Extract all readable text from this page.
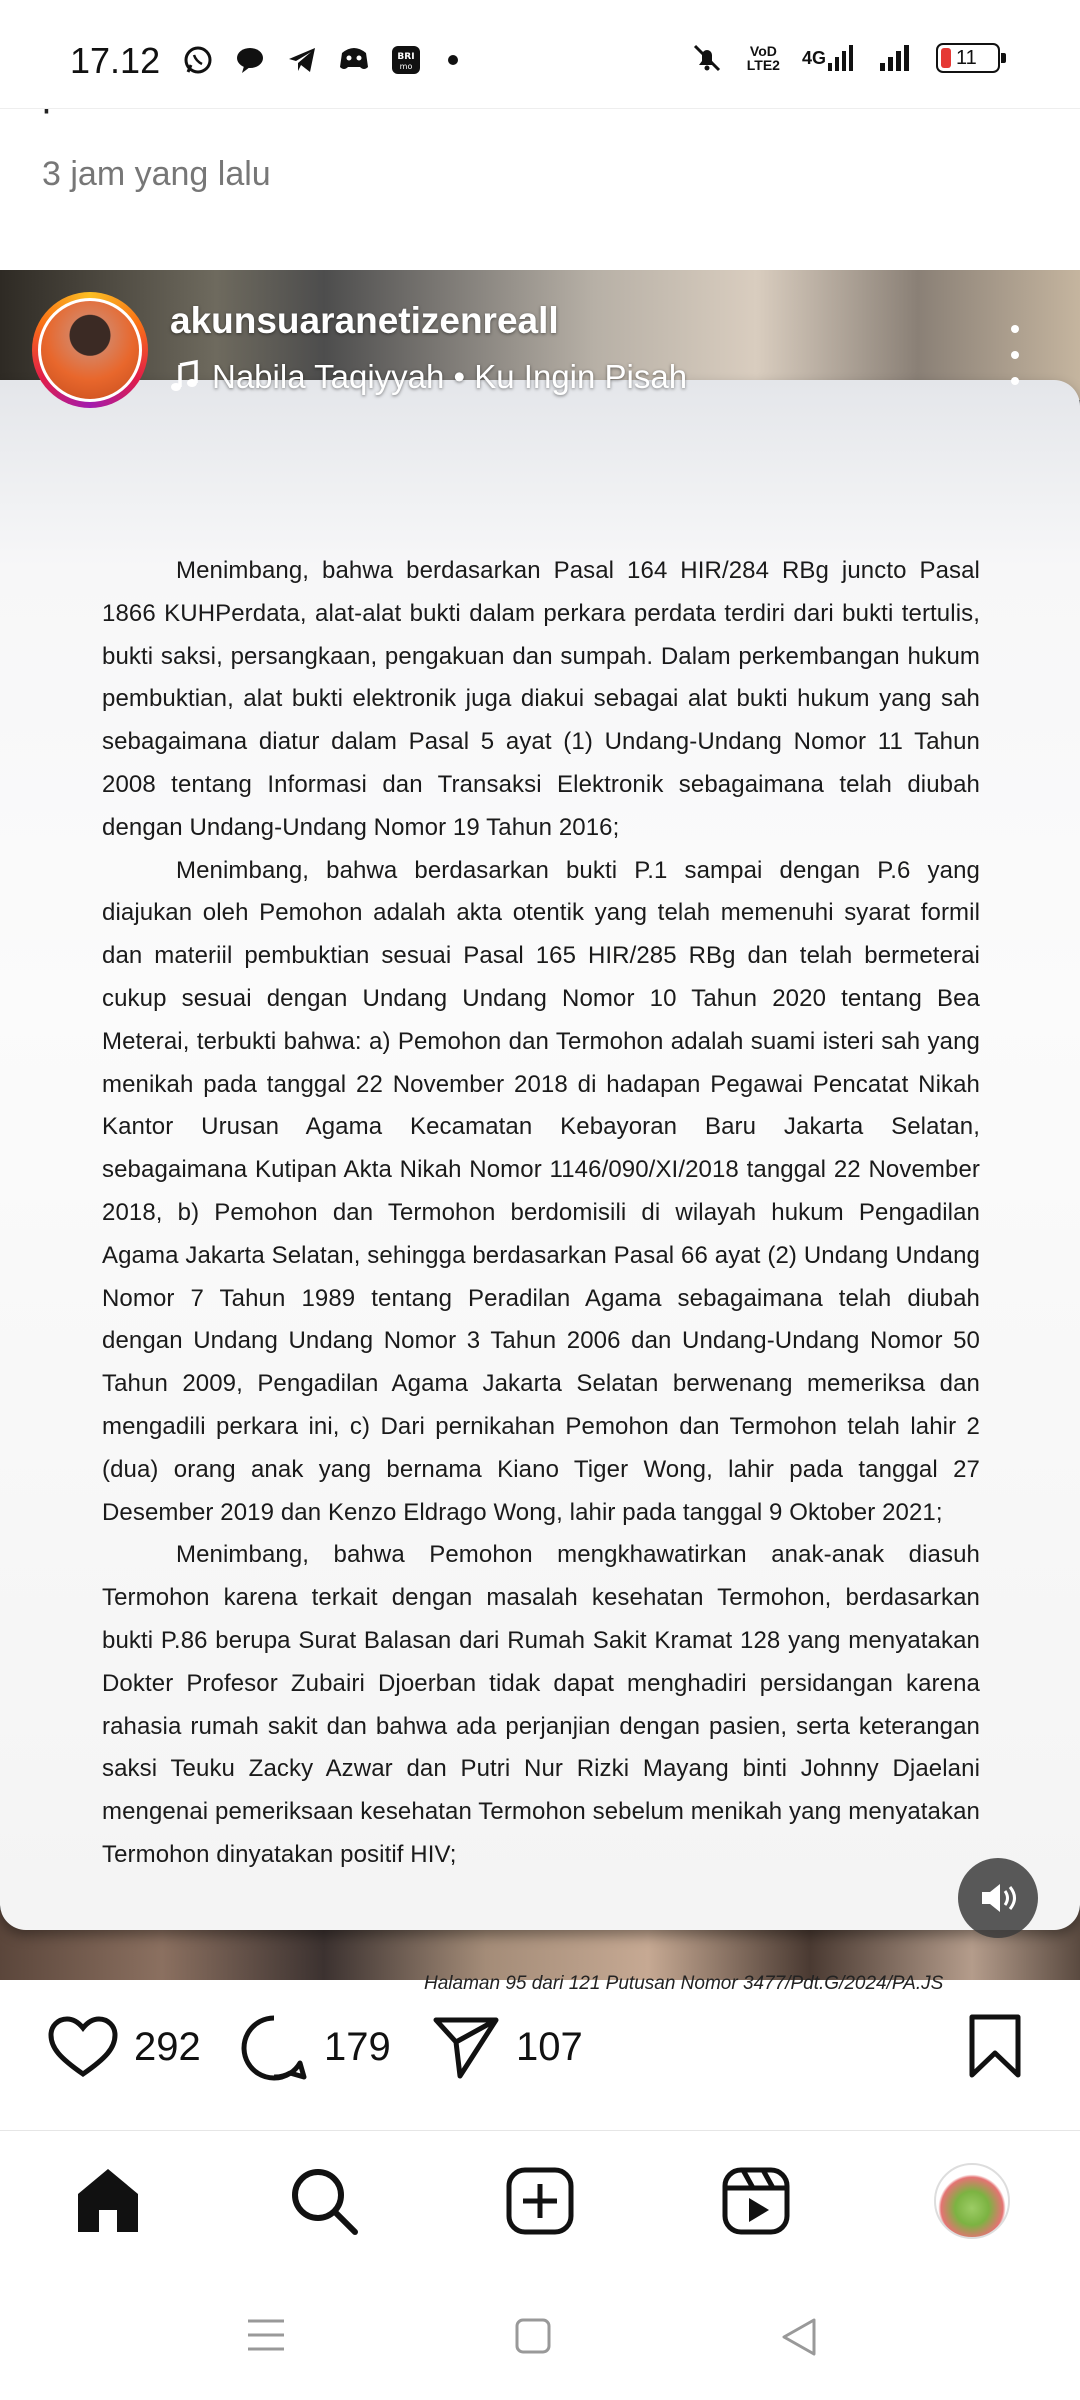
17.12	BRI
mo
VoD
LTE2 4G	11
3 jam yang lalu

Menimbang, bahwa berdasarkan Pasal 164 HIR/284 RBg juncto Pasal 1866 KUHPerdata, alat-alat bukti dalam perkara perdata terdiri dari bukti tertulis, bukti saksi, persangkaan, pengakuan dan sumpah. Dalam perkembangan hukum pembuktian, alat bukti elektronik juga diakui sebagai alat bukti hukum yang sah sebagaimana diatur dalam Pasal 5 ayat (1) Undang-Undang Nomor 11 Tahun 2008 tentang Informasi dan Transaksi Elektronik sebagaimana telah diubah dengan Undang-Undang Nomor 19 Tahun 2016;

Menimbang, bahwa berdasarkan bukti P.1 sampai dengan P.6 yang diajukan oleh Pemohon adalah akta otentik yang telah memenuhi syarat formil dan materiil pembuktian sesuai Pasal 165 HIR/285 RBg dan telah bermeterai cukup sesuai dengan Undang Undang Nomor 10 Tahun 2020 tentang Bea Meterai, terbukti bahwa: a) Pemohon dan Termohon adalah suami isteri sah yang menikah pada tanggal 22 November 2018 di hadapan Pegawai Pencatat Nikah Kantor Urusan Agama Kecamatan Kebayoran Baru Jakarta Selatan, sebagaimana Kutipan Akta Nikah Nomor 1146/090/XI/2018 tanggal 22 November 2018, b) Pemohon dan Termohon berdomisili di wilayah hukum Pengadilan Agama Jakarta Selatan, sehingga berdasarkan Pasal 66 ayat (2) Undang Undang Nomor 7 Tahun 1989 tentang Peradilan Agama sebagaimana telah diubah dengan Undang Undang Nomor 3 Tahun 2006 dan Undang-Undang Nomor 50 Tahun 2009, Pengadilan Agama Jakarta Selatan berwenang memeriksa dan mengadili perkara ini, c) Dari pernikahan Pemohon dan Termohon telah lahir 2 (dua) orang anak yang bernama Kiano Tiger Wong, lahir pada tanggal 27 Desember 2019 dan Kenzo Eldrago Wong, lahir pada tanggal 9 Oktober 2021;

Menimbang, bahwa Pemohon mengkhawatirkan anak-anak diasuh Termohon karena terkait dengan masalah kesehatan Termohon, berdasarkan bukti P.86 berupa Surat Balasan dari Rumah Sakit Kramat 128 yang menyatakan Dokter Profesor Zubairi Djoerban tidak dapat menghadiri persidangan karena rahasia rumah sakit dan bahwa ada perjanjian dengan pasien, serta keterangan saksi Teuku Zacky Azwar dan Putri Nur Rizki Mayang binti Johnny Djaelani mengenai pemeriksaan kesehatan Termohon sebelum menikah yang menyatakan Termohon dinyatakan positif HIV;

Halaman 95 dari 121 Putusan Nomor 3477/Pdt.G/2024/PA.JS
akunsuaranetizenreall
Nabila Taqiyyah • Ku Ingin Pisah
292	179	107
